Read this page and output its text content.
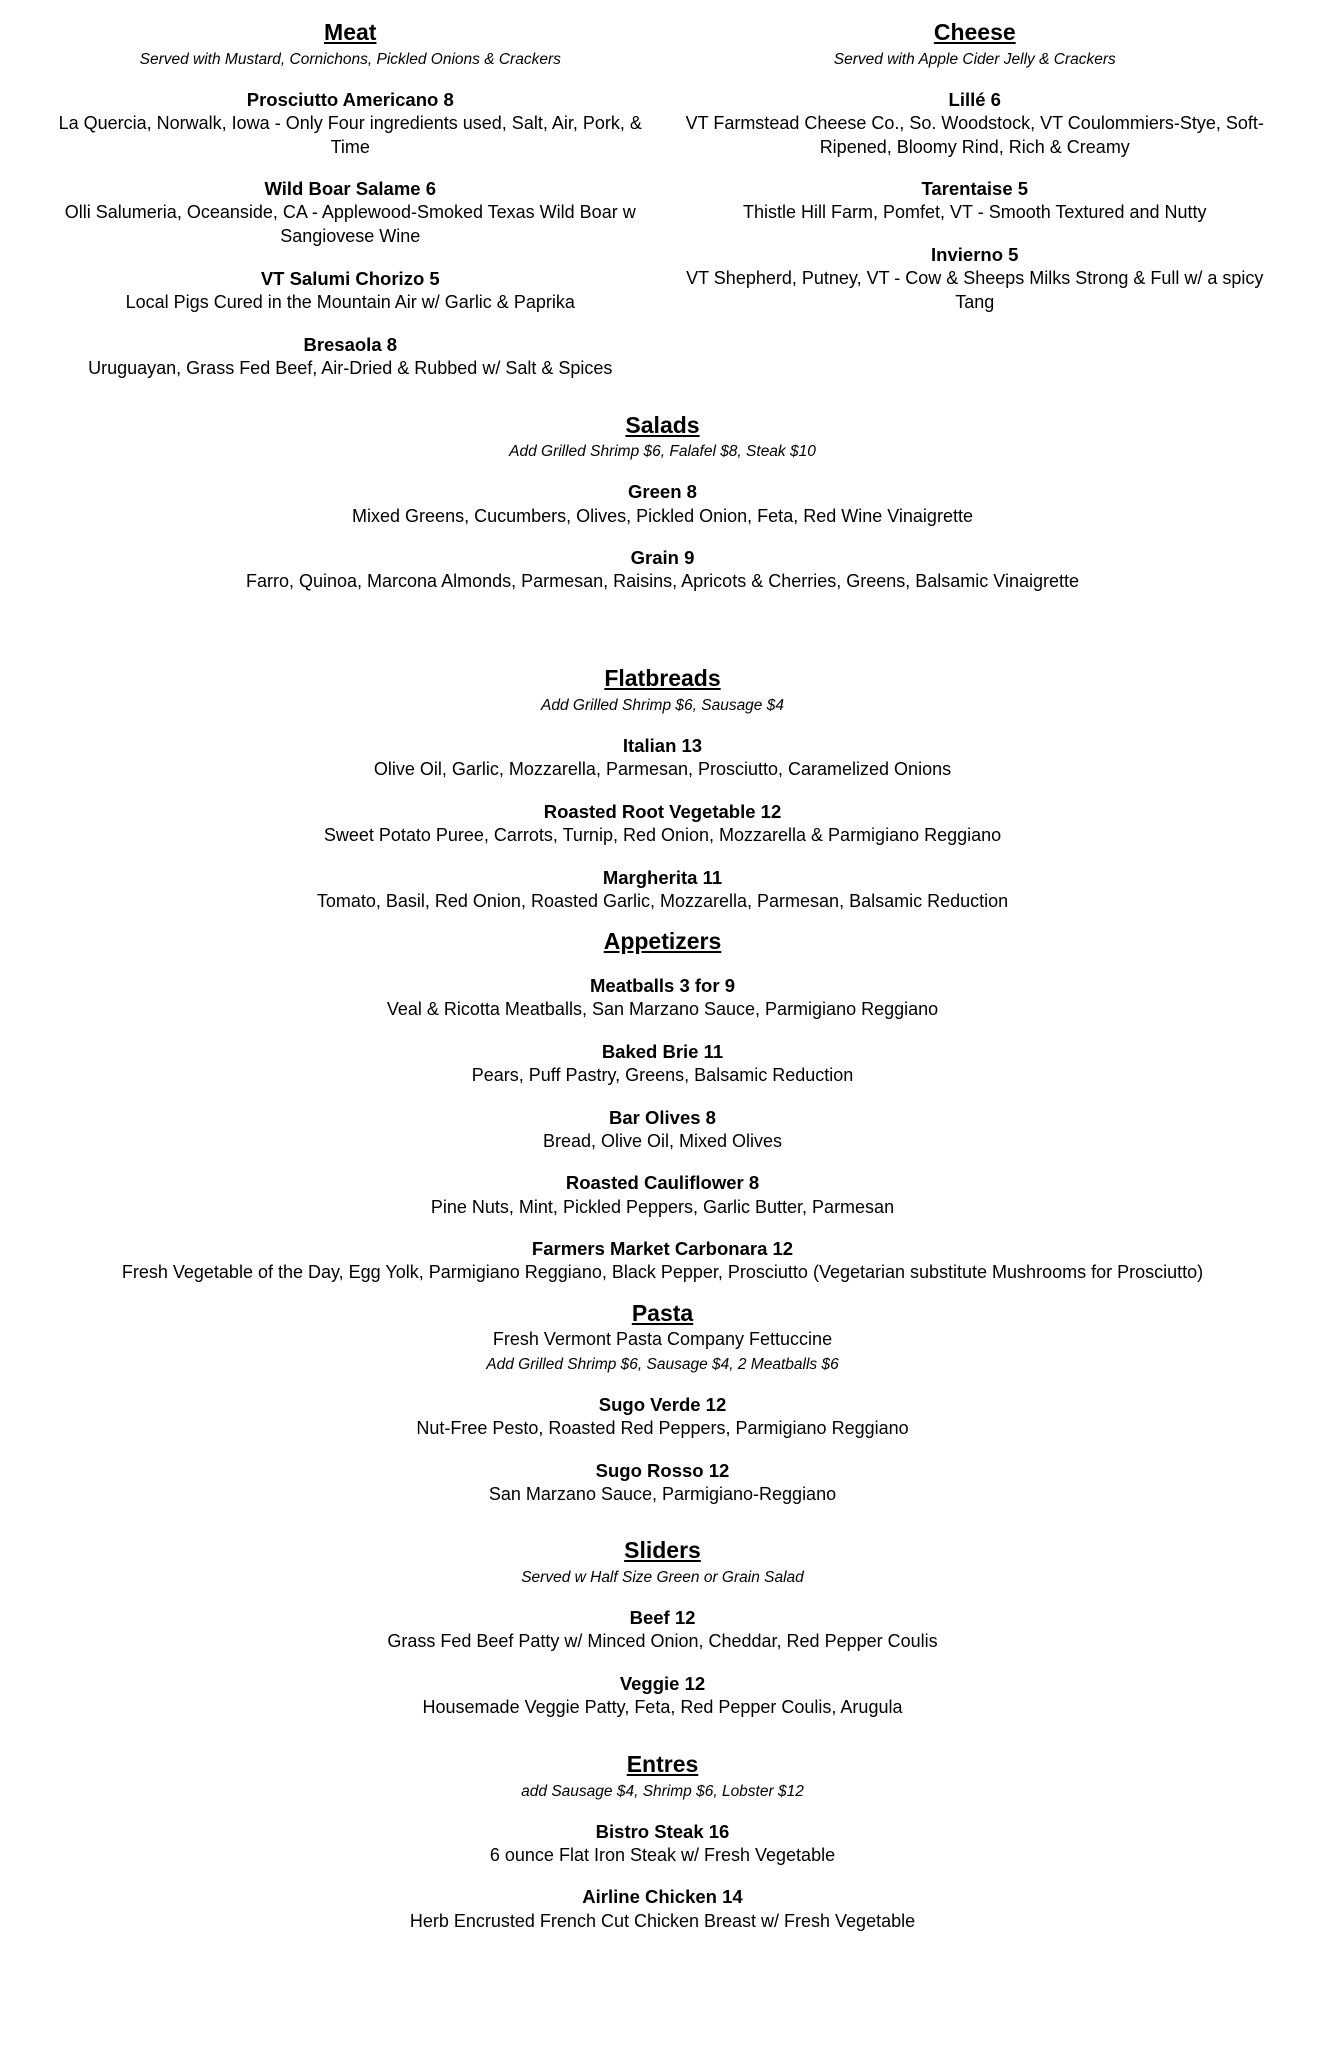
Meat
Served with Mustard, Cornichons, Pickled Onions & Crackers
Prosciutto Americano 8
La Quercia, Norwalk, Iowa - Only Four ingredients used, Salt, Air, Pork, & Time
Wild Boar Salame 6
Olli Salumeria, Oceanside, CA - Applewood-Smoked Texas Wild Boar w Sangiovese Wine
VT Salumi Chorizo 5
Local Pigs Cured in the Mountain Air w/ Garlic & Paprika
Bresaola 8
Uruguayan, Grass Fed Beef, Air-Dried & Rubbed w/ Salt & Spices
Cheese
Served with Apple Cider Jelly & Crackers
Lillé 6
VT Farmstead Cheese Co., So. Woodstock, VT Coulommiers-Stye, Soft-Ripened, Bloomy Rind, Rich & Creamy
Tarentaise 5
Thistle Hill Farm, Pomfet, VT - Smooth Textured and Nutty
Invierno 5
VT Shepherd, Putney, VT - Cow & Sheeps Milks Strong & Full w/ a spicy Tang
Salads
Add Grilled Shrimp $6, Falafel $8, Steak $10
Green 8
Mixed Greens, Cucumbers, Olives, Pickled Onion, Feta, Red Wine Vinaigrette
Grain 9
Farro, Quinoa, Marcona Almonds, Parmesan, Raisins, Apricots & Cherries, Greens, Balsamic Vinaigrette
Flatbreads
Add Grilled Shrimp $6, Sausage $4
Italian 13
Olive Oil, Garlic, Mozzarella, Parmesan, Prosciutto, Caramelized Onions
Roasted Root Vegetable 12
Sweet Potato Puree, Carrots, Turnip, Red Onion, Mozzarella & Parmigiano Reggiano
Margherita 11
Tomato, Basil, Red Onion, Roasted Garlic, Mozzarella, Parmesan, Balsamic Reduction
Appetizers
Meatballs 3 for 9
Veal & Ricotta Meatballs, San Marzano Sauce, Parmigiano Reggiano
Baked Brie 11
Pears, Puff Pastry, Greens, Balsamic Reduction
Bar Olives 8
Bread, Olive Oil, Mixed Olives
Roasted Cauliflower 8
Pine Nuts, Mint, Pickled Peppers, Garlic Butter, Parmesan
Farmers Market Carbonara 12
Fresh Vegetable of the Day, Egg Yolk, Parmigiano Reggiano, Black Pepper, Prosciutto (Vegetarian substitute Mushrooms for Prosciutto)
Pasta
Fresh Vermont Pasta Company Fettuccine
Add Grilled Shrimp $6, Sausage $4, 2 Meatballs $6
Sugo Verde 12
Nut-Free Pesto, Roasted Red Peppers, Parmigiano Reggiano
Sugo Rosso 12
San Marzano Sauce, Parmigiano-Reggiano
Sliders
Served w Half Size Green or Grain Salad
Beef 12
Grass Fed Beef Patty w/ Minced Onion, Cheddar, Red Pepper Coulis
Veggie 12
Housemade Veggie Patty, Feta, Red Pepper Coulis, Arugula
Entres
add Sausage $4, Shrimp $6, Lobster $12
Bistro Steak 16
6 ounce Flat Iron Steak w/ Fresh Vegetable
Airline Chicken 14
Herb Encrusted French Cut Chicken Breast w/ Fresh Vegetable
